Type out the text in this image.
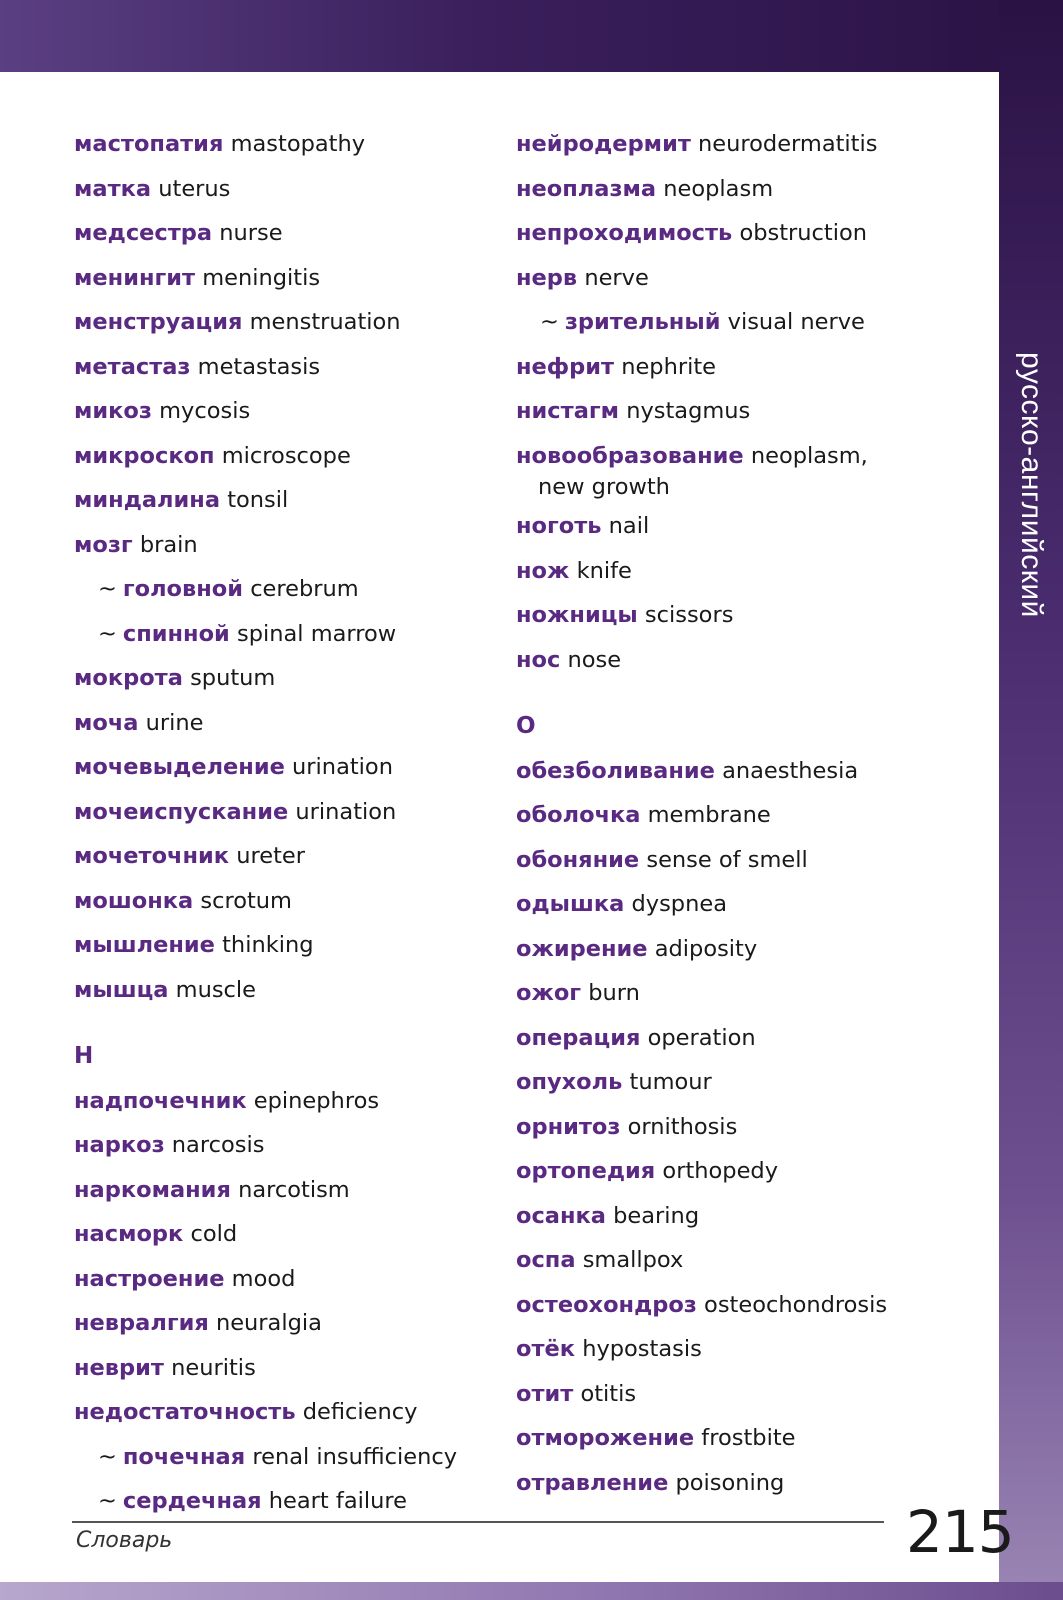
мастопатия mastopathy
матка uterus
медсестра nurse
менингит meningitis
менструация menstruation
метастаз metastasis
микоз mycosis
микроскоп microscope
миндалина tonsil
мозг brain
~ головной cerebrum
~ спинной spinal marrow
мокрота sputum
моча urine
мочевыделение urination
мочеиспускание urination
мочеточник ureter
мошонка scrotum
мышление thinking
мышца muscle
Н
надпочечник epinephros
наркоз narcosis
наркомания narcotism
насморк cold
настроение mood
невралгия neuralgia
неврит neuritis
недостаточность deficiency
~ почечная renal insufficiency
~ сердечная heart failure
нейродермит neurodermatitis
неоплазма neoplasm
непроходимость obstruction
нерв nerve
~ зрительный visual nerve
нефрит nephrite
нистагм nystagmus
новообразование neoplasm,
new growth
ноготь nail
нож knife
ножницы scissors
нос nose
О
обезболивание anaesthesia
оболочка membrane
обоняние sense of smell
одышка dyspnea
ожирение adiposity
ожог burn
операция operation
опухоль tumour
орнитоз ornithosis
ортопедия orthopedy
осанка bearing
оспа smallpox
остеохондроз osteochondrosis
отёк hypostasis
отит otitis
отморожение frostbite
отравление poisoning
русско-английский
Словарь	215
